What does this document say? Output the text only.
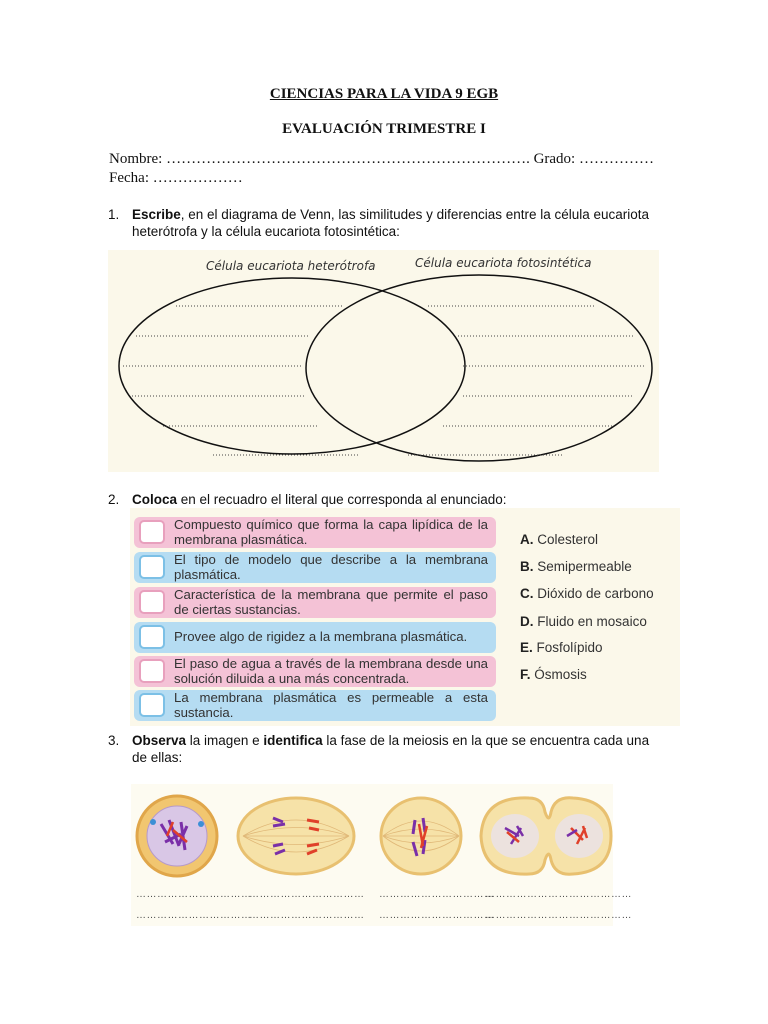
CIENCIAS PARA LA VIDA 9 EGB
EVALUACIÓN TRIMESTRE I
Nombre: ………………………………………………………………. Grado: ……………
Fecha: ………………
1. Escribe, en el diagrama de Venn, las similitudes y diferencias entre la célula eucariota heterótrofa y la célula eucariota fotosintética:
Célula eucariota heterótrofa	Célula eucariota fotosintética
2. Coloca en el recuadro el literal que corresponda al enunciado:
Compuesto químico que forma la capa lipídica de la membrana plasmática.
El tipo de modelo que describe a la membrana plasmática.
Característica de la membrana que permite el paso de ciertas sustancias.
Provee algo de rigidez a la membrana plasmática.
El paso de agua a través de la membrana desde una solución diluida a una más concentrada.
La membrana plasmática es permeable a esta sustancia.
A. Colesterol
B. Semipermeable
C. Dióxido de carbono
D. Fluido en mosaico
E. Fosfolípido
F. Ósmosis
3. Observa la imagen e identifica la fase de la meiosis en la que se encuentra cada una de ellas:
……………………………
……………………………
……………………………
……………………………
……………………………
……………………………
……………………………………
……………………………………
